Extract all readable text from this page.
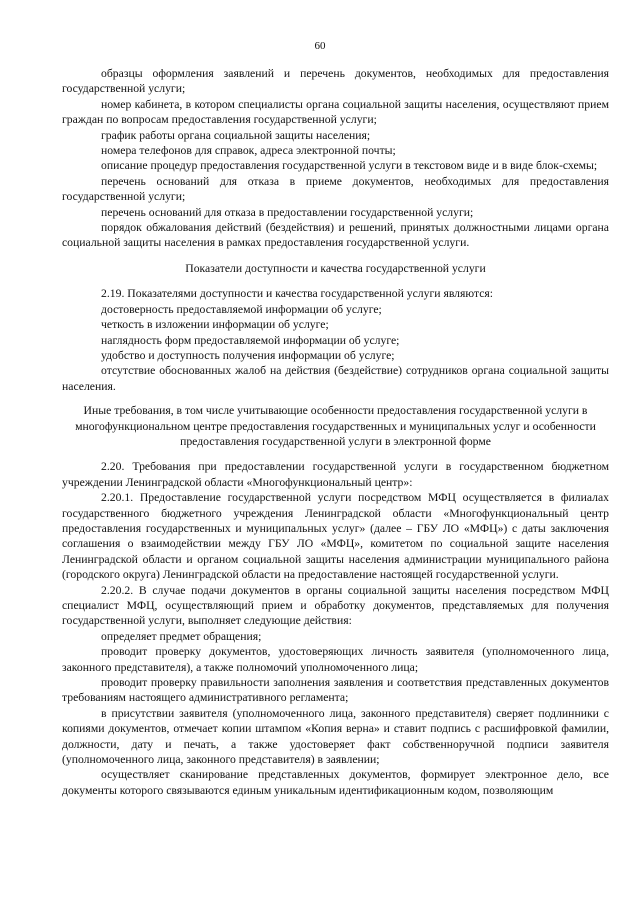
60

образцы оформления заявлений и перечень документов, необходимых для предоставления государственной услуги;

номер кабинета, в котором специалисты органа социальной защиты населения, осуществляют прием граждан по вопросам предоставления государственной услуги;

график работы органа социальной защиты населения;

номера телефонов для справок, адреса электронной почты;

описание процедур предоставления государственной услуги в текстовом виде и в виде блок-схемы;

перечень оснований для отказа в приеме документов, необходимых для предоставления государственной услуги;

перечень оснований для отказа в предоставлении государственной услуги;

порядок обжалования действий (бездействия) и решений, принятых должностными лицами органа социальной защиты населения в рамках предоставления государственной услуги.

Показатели доступности и качества государственной услуги

2.19. Показателями доступности и качества государственной услуги являются:

достоверность предоставляемой информации об услуге;

четкость в изложении информации об услуге;

наглядность форм предоставляемой информации об услуге;

удобство и доступность получения информации об услуге;

отсутствие обоснованных жалоб на действия (бездействие) сотрудников органа социальной защиты населения.

Иные требования, в том числе учитывающие особенности предоставления государственной услуги в многофункциональном центре предоставления государственных и муниципальных услуг и особенности предоставления государственной услуги в электронной форме

2.20. Требования при предоставлении государственной услуги в государственном бюджетном учреждении Ленинградской области «Многофункциональный центр»:

2.20.1. Предоставление государственной услуги посредством МФЦ осуществляется в филиалах государственного бюджетного учреждения Ленинградской области «Многофункциональный центр предоставления государственных и муниципальных услуг» (далее – ГБУ ЛО «МФЦ») с даты заключения соглашения о взаимодействии между ГБУ ЛО «МФЦ», комитетом по социальной защите населения Ленинградской области и органом социальной защиты населения администрации муниципального района (городского округа) Ленинградской области на предоставление настоящей государственной услуги.

2.20.2. В случае подачи документов в органы социальной защиты населения посредством МФЦ специалист МФЦ, осуществляющий прием и обработку документов, представляемых для получения государственной услуги, выполняет следующие действия:

определяет предмет обращения;

проводит проверку документов, удостоверяющих личность заявителя (уполномоченного лица, законного представителя), а также полномочий уполномоченного лица;

проводит проверку правильности заполнения заявления и соответствия представленных документов требованиям настоящего административного регламента;

в присутствии заявителя (уполномоченного лица, законного представителя) сверяет подлинники с копиями документов, отмечает копии штампом «Копия верна» и ставит подпись с расшифровкой фамилии, должности, дату и печать, а также удостоверяет факт собственноручной подписи заявителя (уполномоченного лица, законного представителя) в заявлении;

осуществляет сканирование представленных документов, формирует электронное дело, все документы которого связываются единым уникальным идентификационным кодом, позволяющим
